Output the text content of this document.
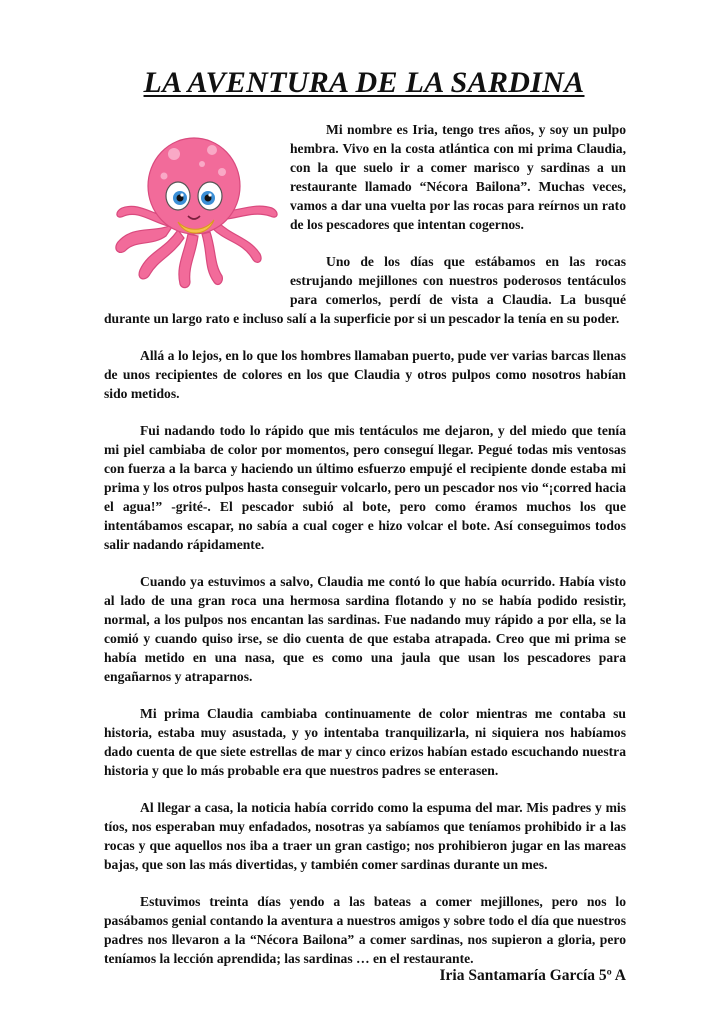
LA AVENTURA DE LA SARDINA

Mi nombre es Iria, tengo tres años, y soy un pulpo hembra. Vivo en la costa atlántica con mi prima Claudia, con la que suelo ir a comer marisco y sardinas a un restaurante llamado “Nécora Bailona”. Muchas veces, vamos a dar una vuelta por las rocas para reírnos un rato de los pescadores que intentan cogernos.

Uno de los días que estábamos en las rocas estrujando mejillones con nuestros poderosos tentáculos para comerlos, perdí de vista a Claudia. La busqué durante un largo rato e incluso salí a la superficie por si un pescador la tenía en su poder.

Allá a lo lejos, en lo que los hombres llamaban puerto, pude ver varias barcas llenas de unos recipientes de colores en los que Claudia y otros pulpos como nosotros habían sido metidos.

Fui nadando todo lo rápido que mis tentáculos me dejaron, y del miedo que tenía mi piel cambiaba de color por momentos, pero conseguí llegar. Pegué todas mis ventosas con fuerza a la barca y haciendo un último esfuerzo empujé el recipiente donde estaba mi prima y los otros pulpos hasta conseguir volcarlo, pero un pescador nos vio “¡corred hacia el agua!” -grité-. El pescador subió al bote, pero como éramos muchos los que intentábamos escapar, no sabía a cual coger e hizo volcar el bote. Así conseguimos todos salir nadando rápidamente.

Cuando ya estuvimos a salvo, Claudia me contó lo que había ocurrido. Había visto al lado de una gran roca una hermosa sardina flotando y no se había podido resistir, normal, a los pulpos nos encantan las sardinas. Fue nadando muy rápido a por ella, se la comió y cuando quiso irse, se dio cuenta de que estaba atrapada. Creo que mi prima se había metido en una nasa, que es como una jaula que usan los pescadores para engañarnos y atraparnos.

Mi prima Claudia cambiaba continuamente de color mientras me contaba su historia, estaba muy asustada, y yo intentaba tranquilizarla, ni siquiera nos habíamos dado cuenta de que siete estrellas de mar y cinco erizos habían estado escuchando nuestra historia y que lo más probable era que nuestros padres se enterasen.

Al llegar a casa, la noticia había corrido como la espuma del mar. Mis padres y mis tíos, nos esperaban muy enfadados, nosotras ya sabíamos que teníamos prohibido ir a las rocas y que aquellos nos iba a traer un gran castigo; nos prohibieron jugar en las mareas bajas, que son las más divertidas, y también comer sardinas durante un mes.

Estuvimos treinta días yendo a las bateas a comer mejillones, pero nos lo pasábamos genial contando la aventura a nuestros amigos y sobre todo el día que nuestros padres nos llevaron a la “Nécora Bailona” a comer sardinas, nos supieron a gloria, pero teníamos la lección aprendida; las sardinas … en el restaurante.

Iria Santamaría García 5º A
